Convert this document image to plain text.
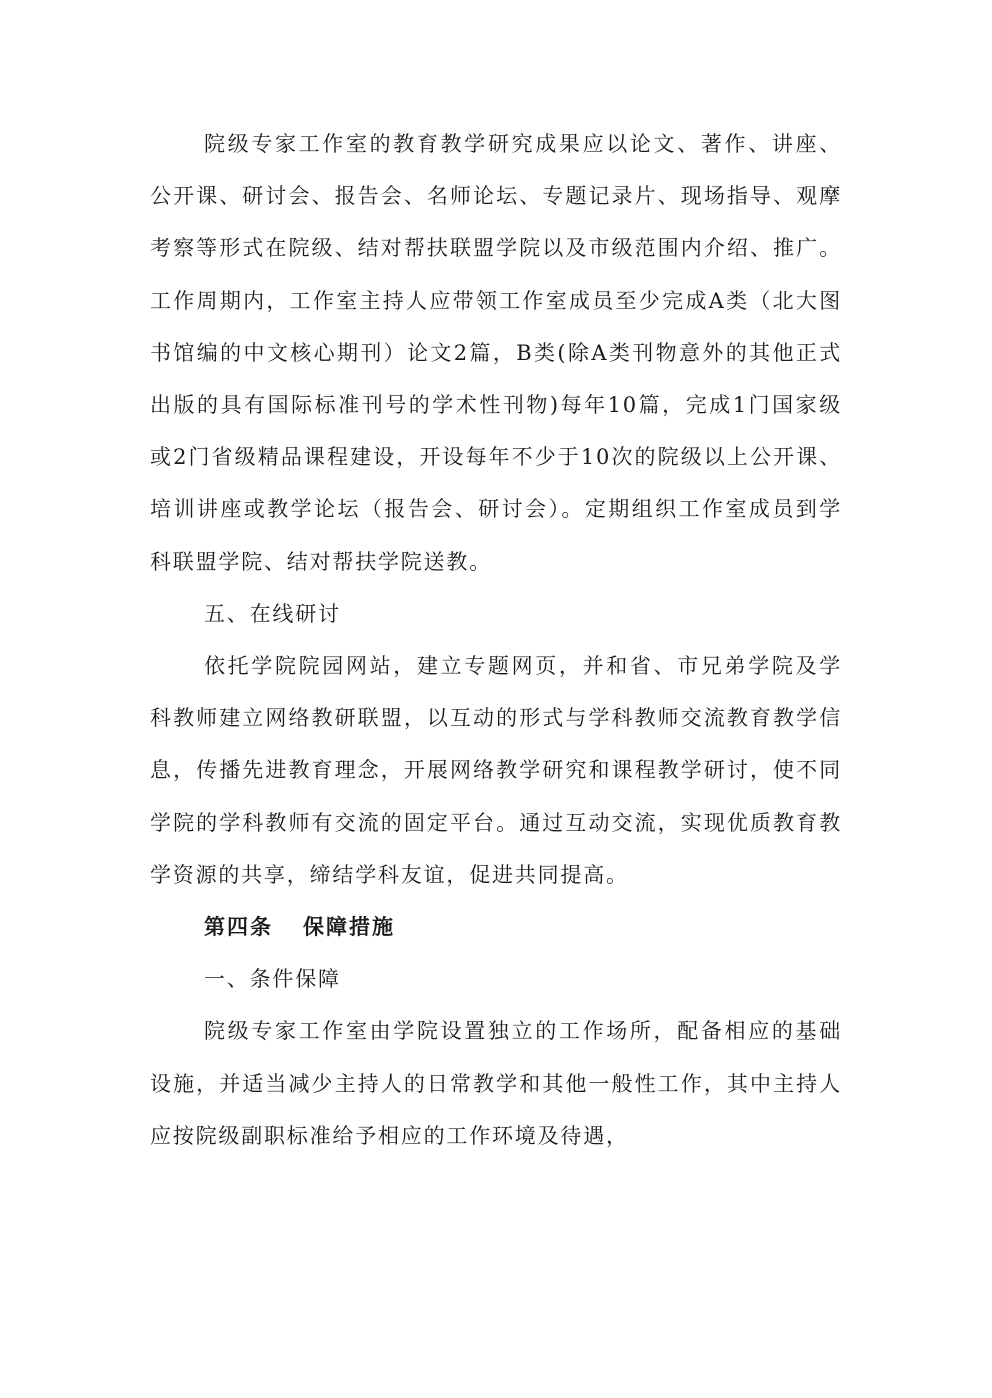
院级专家工作室的教育教学研究成果应以论文、著作、讲座、公开课、研讨会、报告会、名师论坛、专题记录片、现场指导、观摩考察等形式在院级、结对帮扶联盟学院以及市级范围内介绍、推广。工作周期内，工作室主持人应带领工作室成员至少完成A类（北大图书馆编的中文核心期刊）论文2篇，B类(除A类刊物意外的其他正式出版的具有国际标准刊号的学术性刊物)每年10篇，完成1门国家级或2门省级精品课程建设，开设每年不少于10次的院级以上公开课、培训讲座或教学论坛（报告会、研讨会）。定期组织工作室成员到学科联盟学院、结对帮扶学院送教。

五、在线研讨

依托学院院园网站，建立专题网页，并和省、市兄弟学院及学科教师建立网络教研联盟，以互动的形式与学科教师交流教育教学信息，传播先进教育理念，开展网络教学研究和课程教学研讨，使不同学院的学科教师有交流的固定平台。通过互动交流，实现优质教育教学资源的共享，缔结学科友谊，促进共同提高。

第四条 保障措施

一、条件保障

院级专家工作室由学院设置独立的工作场所，配备相应的基础设施，并适当减少主持人的日常教学和其他一般性工作，其中主持人应按院级副职标准给予相应的工作环境及待遇，
